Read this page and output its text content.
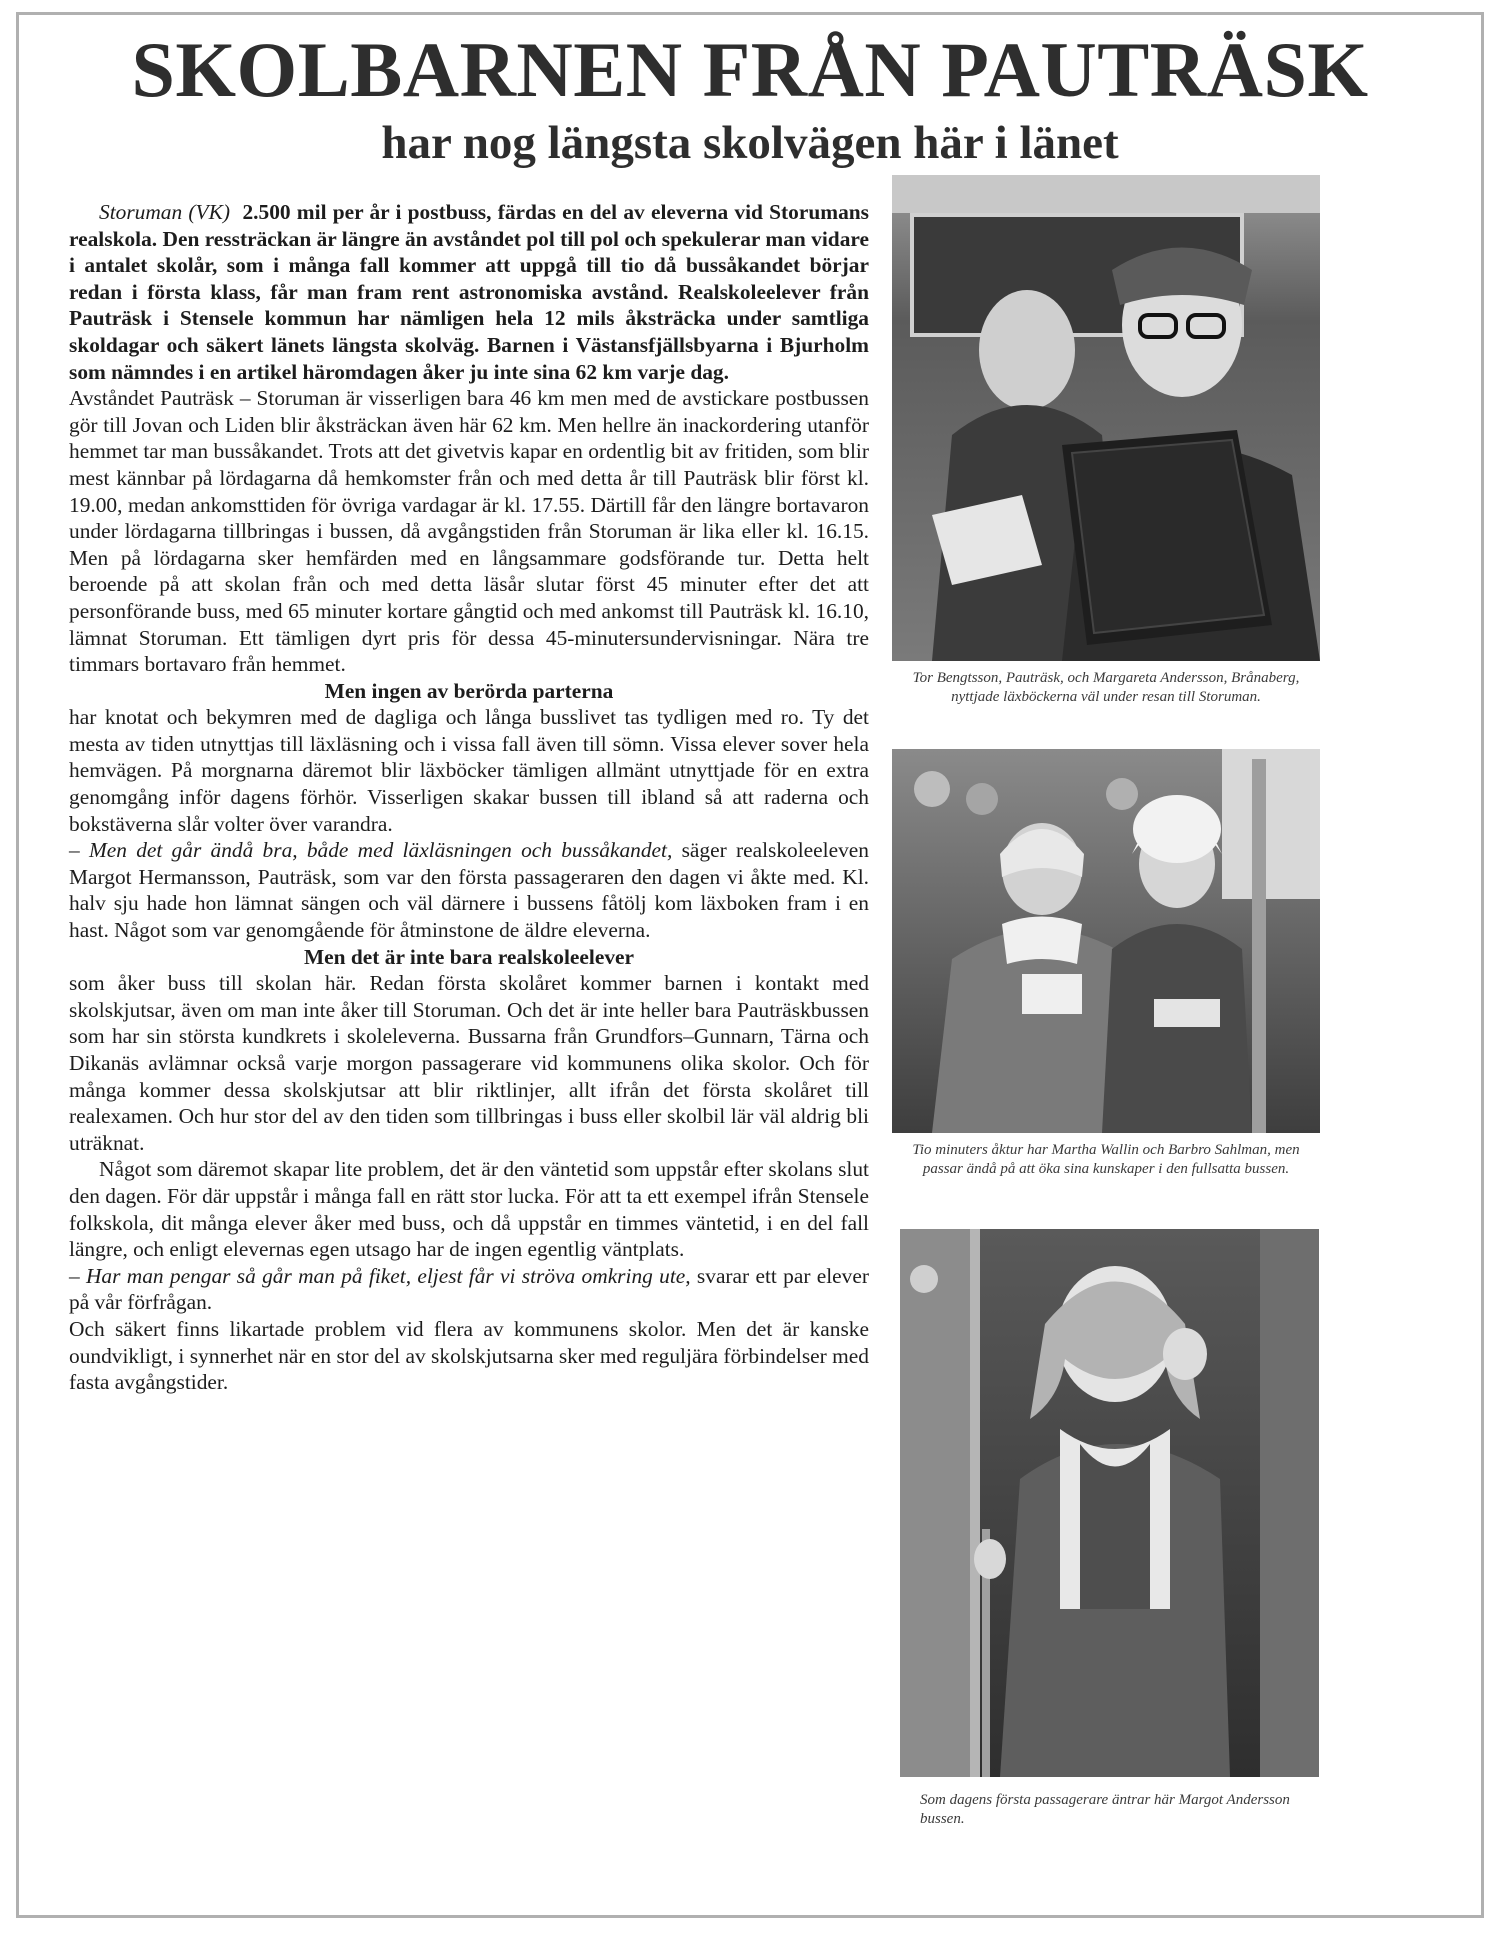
SKOLBARNEN FRÅN PAUTRÄSK
har nog längsta skolvägen här i länet

Storuman (VK) 2.500 mil per år i postbuss, färdas en del av eleverna vid Storumans realskola. Den ressträckan är längre än avståndet pol till pol och spekulerar man vidare i antalet skolår, som i många fall kommer att uppgå till tio då bussåkandet börjar redan i första klass, får man fram rent astronomiska avstånd. Realskoleelever från Pauträsk i Stensele kommun har nämligen hela 12 mils åksträcka under samtliga skoldagar och säkert länets längsta skolväg. Barnen i Västansfjällsbyarna i Bjurholm som nämndes i en artikel häromdagen åker ju inte sina 62 km varje dag.

Avståndet Pauträsk – Storuman är visserligen bara 46 km men med de avstickare postbussen gör till Jovan och Liden blir åksträckan även här 62 km. Men hellre än inackordering utanför hemmet tar man bussåkandet. Trots att det givetvis kapar en ordentlig bit av fritiden, som blir mest kännbar på lördagarna då hemkomster från och med detta år till Pauträsk blir först kl. 19.00, medan ankomsttiden för övriga vardagar är kl. 17.55. Därtill får den längre bortavaron under lördagarna tillbringas i bussen, då avgångstiden från Storuman är lika eller kl. 16.15. Men på lördagarna sker hemfärden med en långsammare godsförande tur. Detta helt beroende på att skolan från och med detta läsår slutar först 45 minuter efter det att personförande buss, med 65 minuter kortare gångtid och med ankomst till Pauträsk kl. 16.10, lämnat Storuman. Ett tämligen dyrt pris för dessa 45-minutersundervisningar. Nära tre timmars bortavaro från hemmet.

Men ingen av berörda parterna

har knotat och bekymren med de dagliga och långa busslivet tas tydligen med ro. Ty det mesta av tiden utnyttjas till läxläsning och i vissa fall även till sömn. Vissa elever sover hela hemvägen. På morgnarna däremot blir läxböcker tämligen allmänt utnyttjade för en extra genomgång inför dagens förhör. Visserligen skakar bussen till ibland så att raderna och bokstäverna slår volter över varandra.

– Men det går ändå bra, både med läxläsningen och bussåkandet, säger realskoleeleven Margot Hermansson, Pauträsk, som var den första passageraren den dagen vi åkte med. Kl. halv sju hade hon lämnat sängen och väl därnere i bussens fåtölj kom läxboken fram i en hast. Något som var genomgående för åtminstone de äldre eleverna.

Men det är inte bara realskoleelever

som åker buss till skolan här. Redan första skolåret kommer barnen i kontakt med skolskjutsar, även om man inte åker till Storuman. Och det är inte heller bara Pauträskbussen som har sin största kundkrets i skoleleverna. Bussarna från Grundfors–Gunnarn, Tärna och Dikanäs avlämnar också varje morgon passagerare vid kommunens olika skolor. Och för många kommer dessa skolskjutsar att blir riktlinjer, allt ifrån det första skolåret till realexamen. Och hur stor del av den tiden som tillbringas i buss eller skolbil lär väl aldrig bli uträknat.

Något som däremot skapar lite problem, det är den väntetid som uppstår efter skolans slut den dagen. För där uppstår i många fall en rätt stor lucka. För att ta ett exempel ifrån Stensele folkskola, dit många elever åker med buss, och då uppstår en timmes väntetid, i en del fall längre, och enligt elevernas egen utsago har de ingen egentlig väntplats.

– Har man pengar så går man på fiket, eljest får vi ströva omkring ute, svarar ett par elever på vår förfrågan.

Och säkert finns likartade problem vid flera av kommunens skolor. Men det är kanske oundvikligt, i synnerhet när en stor del av skolskjutsarna sker med reguljära förbindelser med fasta avgångstider.

Tor Bengtsson, Pauträsk, och Margareta Andersson, Brånaberg, nyttjade läxböckerna väl under resan till Storuman.
Tio minuters åktur har Martha Wallin och Barbro Sahlman, men passar ändå på att öka sina kunskaper i den fullsatta bussen.
Som dagens första passagerare äntrar här Margot Andersson bussen.
